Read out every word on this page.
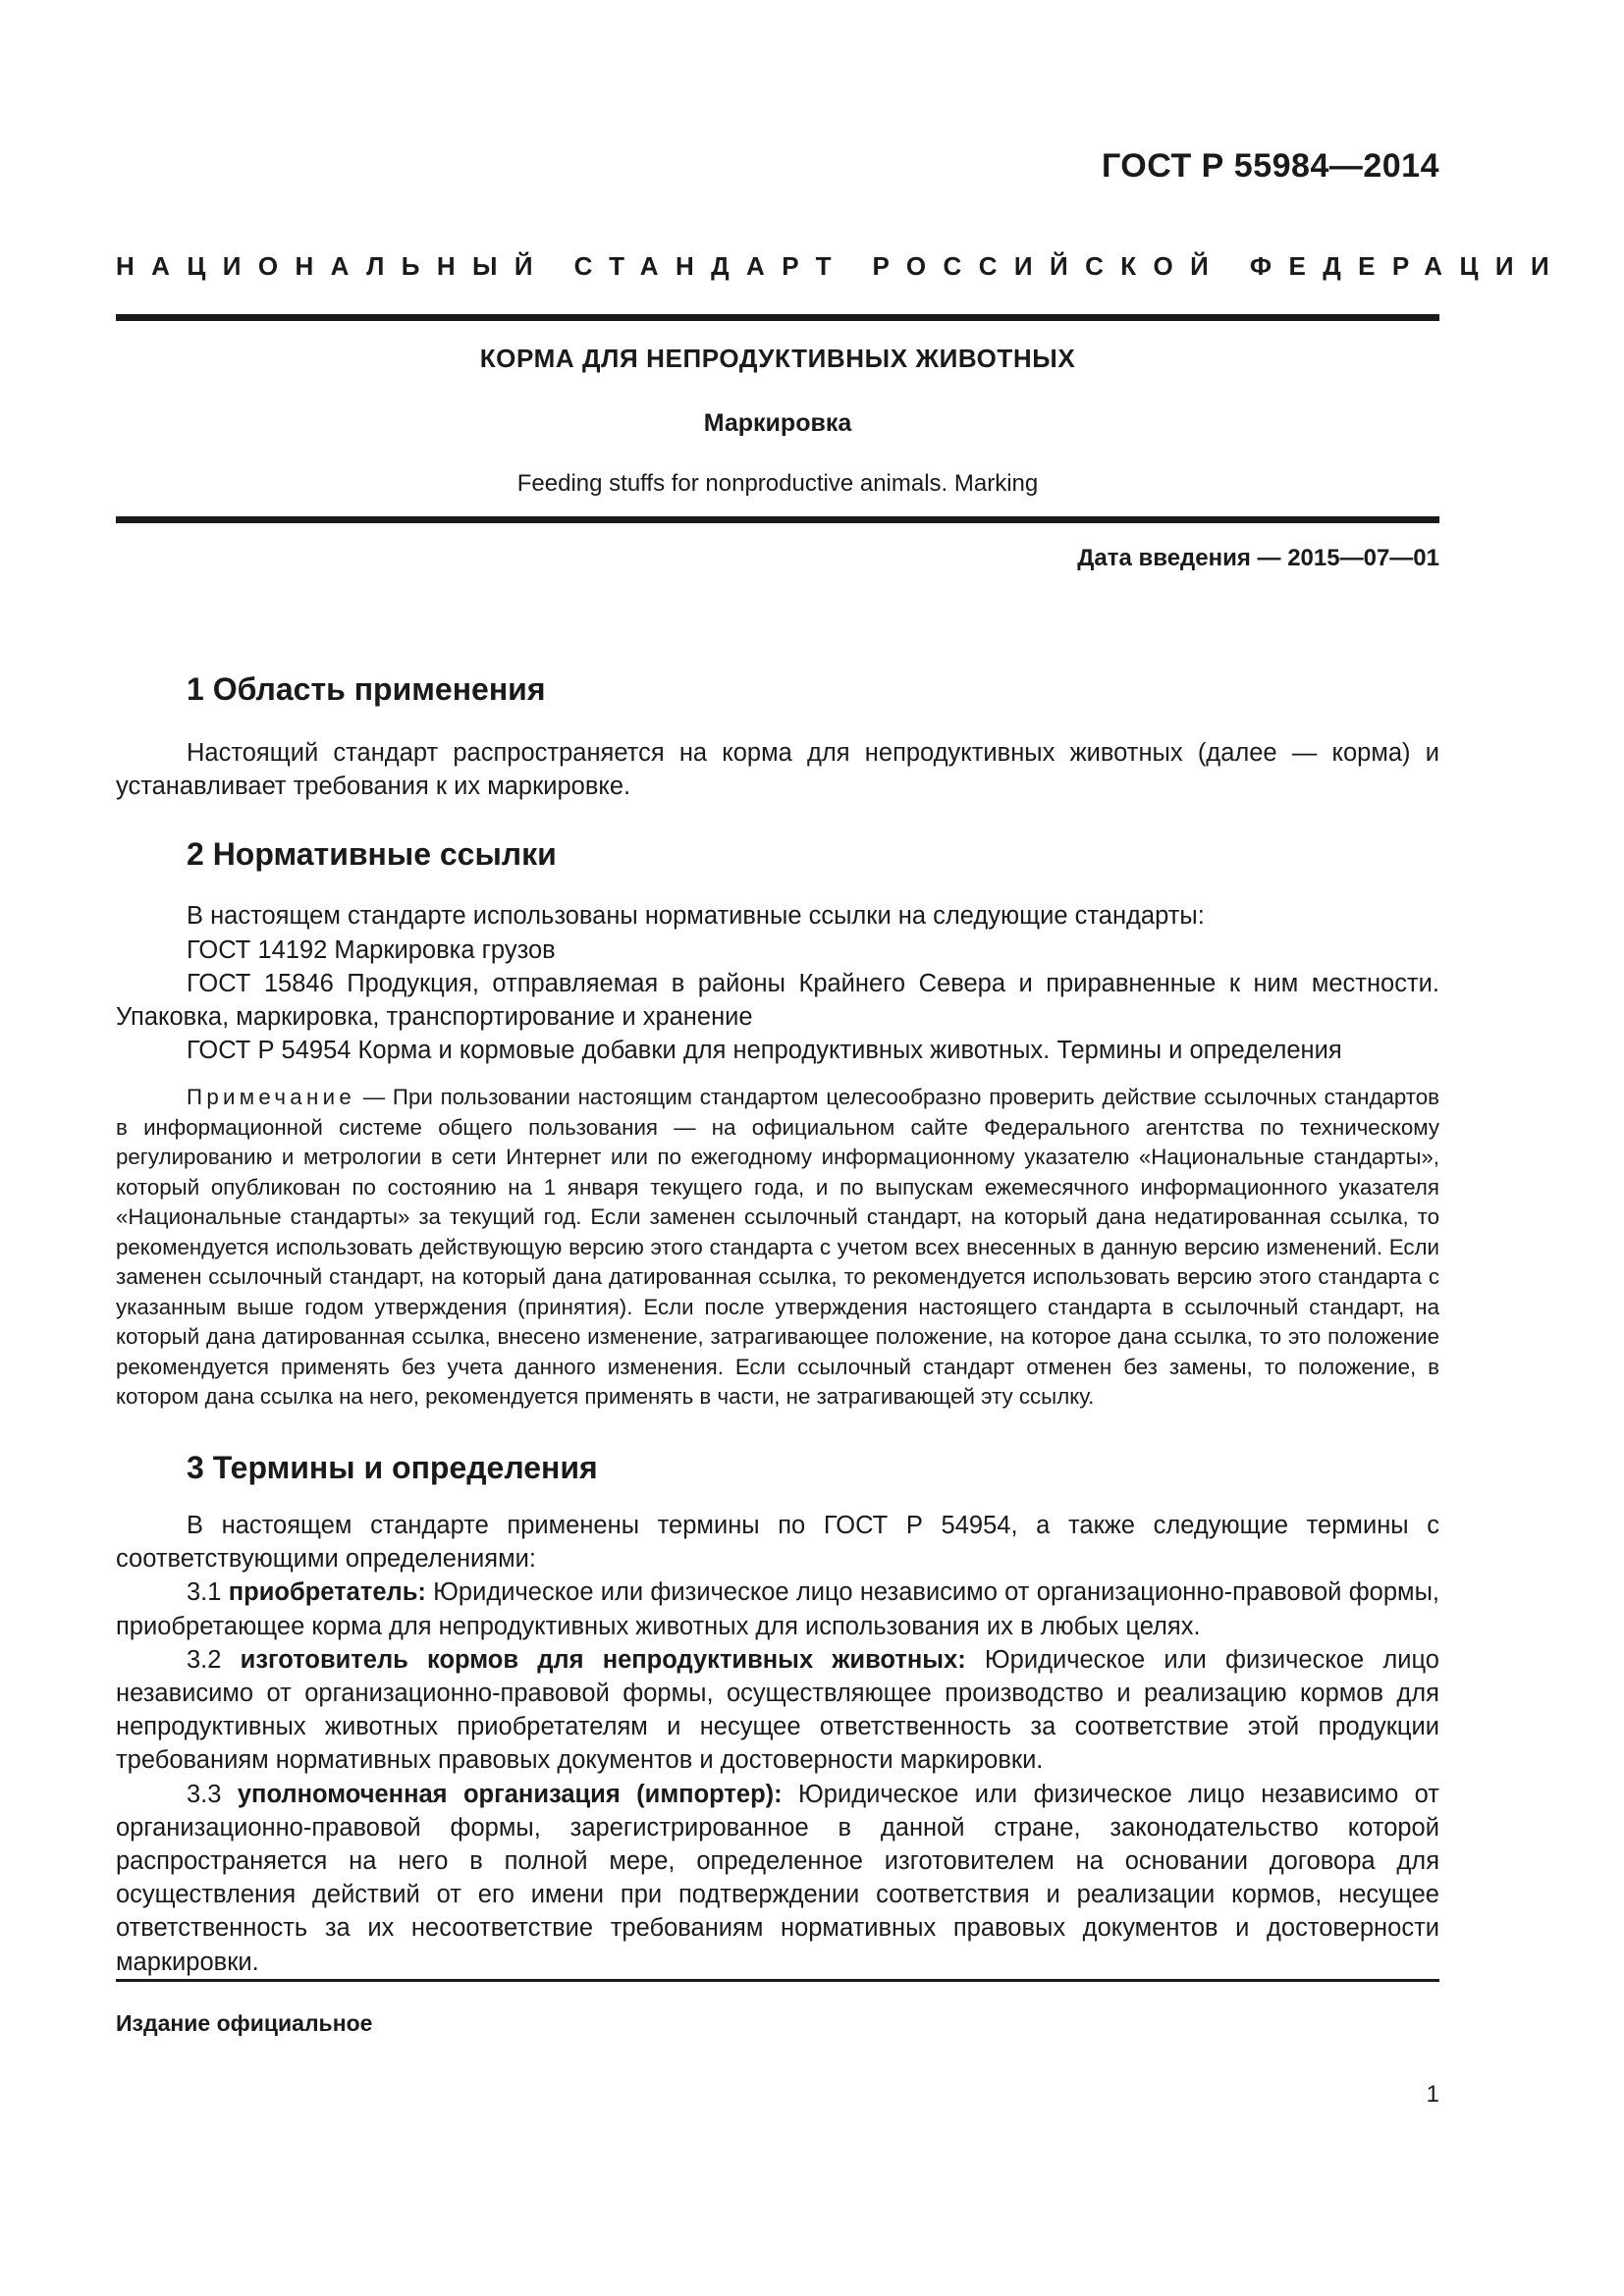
ГОСТ Р 55984—2014
НАЦИОНАЛЬНЫЙ СТАНДАРТ РОССИЙСКОЙ ФЕДЕРАЦИИ
КОРМА ДЛЯ НЕПРОДУКТИВНЫХ ЖИВОТНЫХ
Маркировка
Feeding stuffs for nonproductive animals. Marking
Дата введения — 2015—07—01
1 Область применения

Настоящий стандарт распространяется на корма для непродуктивных животных (далее — корма) и устанавливает требования к их маркировке.

2 Нормативные ссылки

В настоящем стандарте использованы нормативные ссылки на следующие стандарты:

ГОСТ 14192 Маркировка грузов

ГОСТ 15846 Продукция, отправляемая в районы Крайнего Севера и приравненные к ним местности. Упаковка, маркировка, транспортирование и хранение

ГОСТ Р 54954 Корма и кормовые добавки для непродуктивных животных. Термины и определения

Примечание — При пользовании настоящим стандартом целесообразно проверить действие ссылочных стандартов в информационной системе общего пользования — на официальном сайте Федерального агентства по техническому регулированию и метрологии в сети Интернет или по ежегодному информационному указателю «Национальные стандарты», который опубликован по состоянию на 1 января текущего года, и по выпускам ежемесячного информационного указателя «Национальные стандарты» за текущий год. Если заменен ссылочный стандарт, на который дана недатированная ссылка, то рекомендуется использовать действующую версию этого стандарта с учетом всех внесенных в данную версию изменений. Если заменен ссылочный стандарт, на который дана датированная ссылка, то рекомендуется использовать версию этого стандарта с указанным выше годом утверждения (принятия). Если после утверждения настоящего стандарта в ссылочный стандарт, на который дана датированная ссылка, внесено изменение, затрагивающее положение, на которое дана ссылка, то это положение рекомендуется применять без учета данного изменения. Если ссылочный стандарт отменен без замены, то положение, в котором дана ссылка на него, рекомендуется применять в части, не затрагивающей эту ссылку.
3 Термины и определения

В настоящем стандарте применены термины по ГОСТ Р 54954, а также следующие термины с соответствующими определениями:

3.1 приобретатель: Юридическое или физическое лицо независимо от организационно-правовой формы, приобретающее корма для непродуктивных животных для использования их в любых целях.

3.2 изготовитель кормов для непродуктивных животных: Юридическое или физическое лицо независимо от организационно-правовой формы, осуществляющее производство и реализацию кормов для непродуктивных животных приобретателям и несущее ответственность за соответствие этой продукции требованиям нормативных правовых документов и достоверности маркировки.

3.3 уполномоченная организация (импортер): Юридическое или физическое лицо независимо от организационно-правовой формы, зарегистрированное в данной стране, законодательство которой распространяется на него в полной мере, определенное изготовителем на основании договора для осуществления действий от его имени при подтверждении соответствия и реализации кормов, несущее ответственность за их несоответствие требованиям нормативных правовых документов и достоверности маркировки.

Издание официальное
1
